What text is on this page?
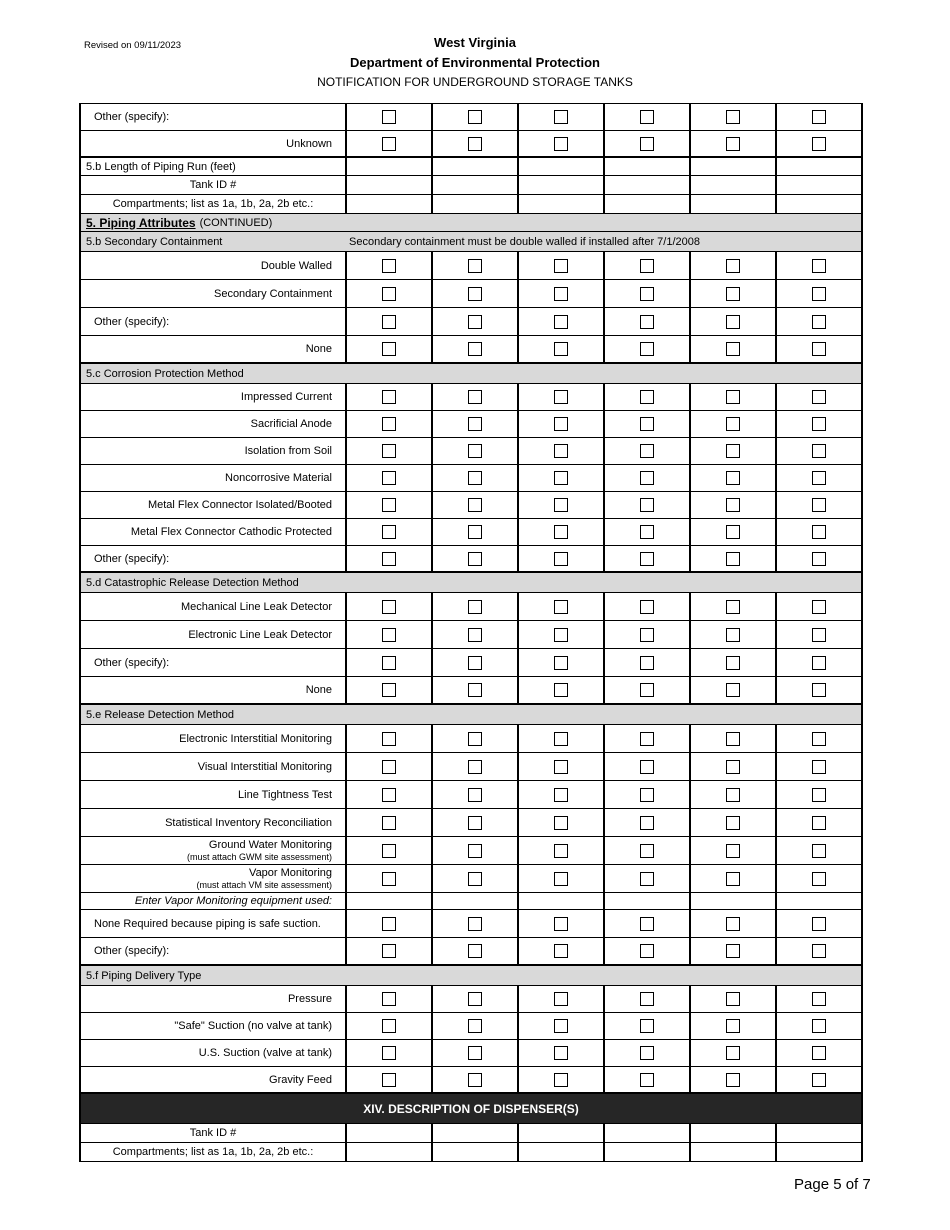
Revised on 09/11/2023	West Virginia
Department of Environmental Protection
NOTIFICATION FOR UNDERGROUND STORAGE TANKS
Other (specify):
Unknown
5.b Length of Piping Run (feet)
Tank ID #
Compartments; list as 1a, 1b, 2a, 2b etc.:
5. Piping Attributes (CONTINUED)
5.b Secondary Containment	Secondary containment must be double walled if installed after 7/1/2008
Double Walled
Secondary Containment
Other (specify):
None
5.c Corrosion Protection Method
Impressed Current
Sacrificial Anode
Isolation from Soil
Noncorrosive Material
Metal Flex Connector Isolated/Booted
Metal Flex Connector Cathodic Protected
Other (specify):
5.d Catastrophic Release Detection Method
Mechanical Line Leak Detector
Electronic Line Leak Detector
Other (specify):
None
5.e Release Detection Method
Electronic Interstitial Monitoring
Visual Interstitial Monitoring
Line Tightness Test
Statistical Inventory Reconciliation
Ground Water Monitoring
(must attach GWM site assessment)
Vapor Monitoring
(must attach VM site assessment)
Enter Vapor Monitoring equipment used:
None Required because piping is safe suction.
Other (specify):
5.f Piping Delivery Type
Pressure
"Safe" Suction (no valve at tank)
U.S. Suction (valve at tank)
Gravity Feed
XIV. DESCRIPTION OF DISPENSER(S)
Tank ID #
Compartments; list as 1a, 1b, 2a, 2b etc.:
Page 5 of 7
